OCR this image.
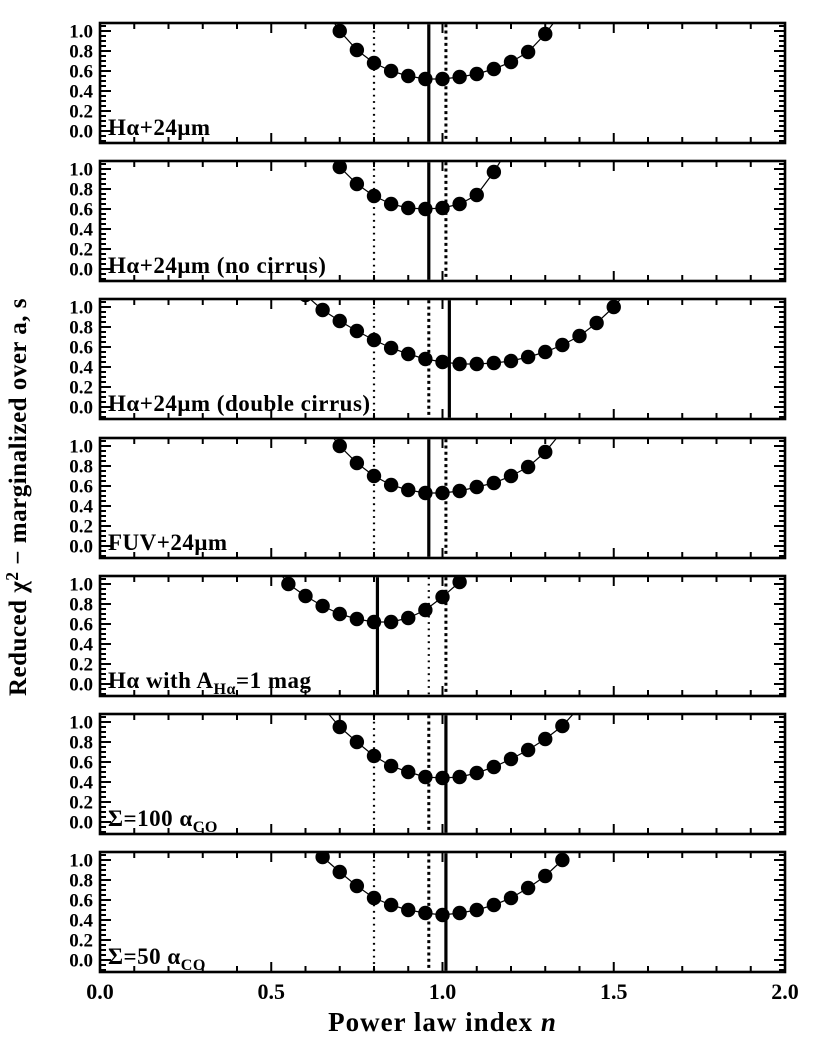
0.0
0.2
0.4
0.6
0.8
1.0
Hα+24μm
0.0
0.2
0.4
0.6
0.8
1.0
Hα+24μm (no cirrus)
0.0
0.2
0.4
0.6
0.8
1.0
Hα+24μm (double cirrus)
0.0
0.2
0.4
0.6
0.8
1.0
FUV+24μm
0.0
0.2
0.4
0.6
0.8
1.0
Hα with $A_{H\alpha}=1$ mag
0.0
0.2
0.4
0.6
0.8
1.0
Σ=100 $\alpha_{CO}$
0.0
0.2
0.4
0.6
0.8
1.0
Σ=50 $\alpha_{CO}$
0.0	0.5	1.0	1.5	2.0
Power law index n
Reduced $\chi^2$ − marginalized over a, s
